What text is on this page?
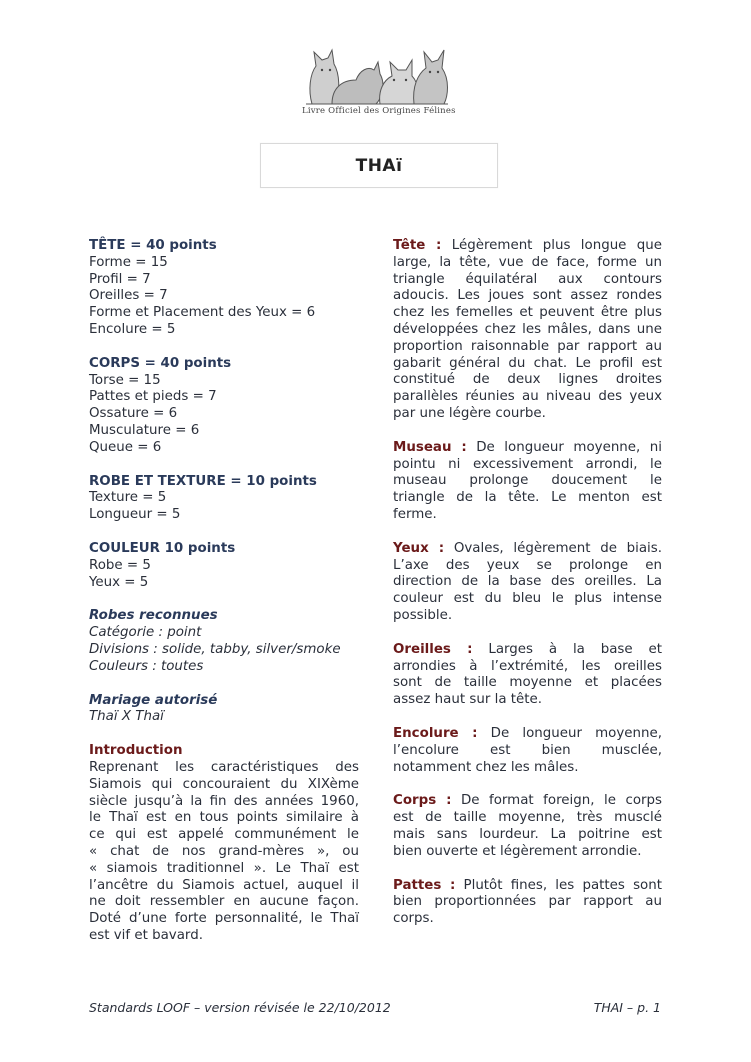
Livre Officiel des Origines Félines
THAï
TÊTE = 40 points
Forme = 15
Profil = 7
Oreilles = 7
Forme et Placement des Yeux = 6
Encolure = 5
CORPS = 40 points
Torse = 15
Pattes et pieds = 7
Ossature = 6
Musculature = 6
Queue = 6
ROBE ET TEXTURE = 10 points
Texture = 5
Longueur = 5
COULEUR 10 points
Robe = 5
Yeux = 5
Robes reconnues
Catégorie : point
Divisions : solide, tabby, silver/smoke
Couleurs : toutes
Mariage autorisé
Thaï X Thaï
Introduction
Reprenant les caractéristiques des
Siamois qui concouraient du XIXème
siècle jusqu’à la fin des années 1960,
le Thaï est en tous points similaire à
ce qui est appelé communément le
« chat de nos grand-mères », ou
« siamois traditionnel ». Le Thaï est
l’ancêtre du Siamois actuel, auquel il
ne doit ressembler en aucune façon.
Doté d’une forte personnalité, le Thaï
est vif et bavard.
Tête : Légèrement plus longue que
large, la tête, vue de face, forme un
triangle équilatéral aux contours
adoucis. Les joues sont assez rondes
chez les femelles et peuvent être plus
développées chez les mâles, dans une
proportion raisonnable par rapport au
gabarit général du chat. Le profil est
constitué de deux lignes droites
parallèles réunies au niveau des yeux
par une légère courbe.
Museau : De longueur moyenne, ni
pointu ni excessivement arrondi, le
museau prolonge doucement le
triangle de la tête. Le menton est
ferme.
Yeux : Ovales, légèrement de biais.
L’axe des yeux se prolonge en
direction de la base des oreilles. La
couleur est du bleu le plus intense
possible.
Oreilles : Larges à la base et
arrondies à l’extrémité, les oreilles
sont de taille moyenne et placées
assez haut sur la tête.
Encolure : De longueur moyenne,
l’encolure est bien musclée,
notamment chez les mâles.
Corps : De format foreign, le corps
est de taille moyenne, très musclé
mais sans lourdeur. La poitrine est
bien ouverte et légèrement arrondie.
Pattes : Plutôt fines, les pattes sont
bien proportionnées par rapport au
corps.
Standards LOOF – version révisée le 22/10/2012	THAI – p. 1
